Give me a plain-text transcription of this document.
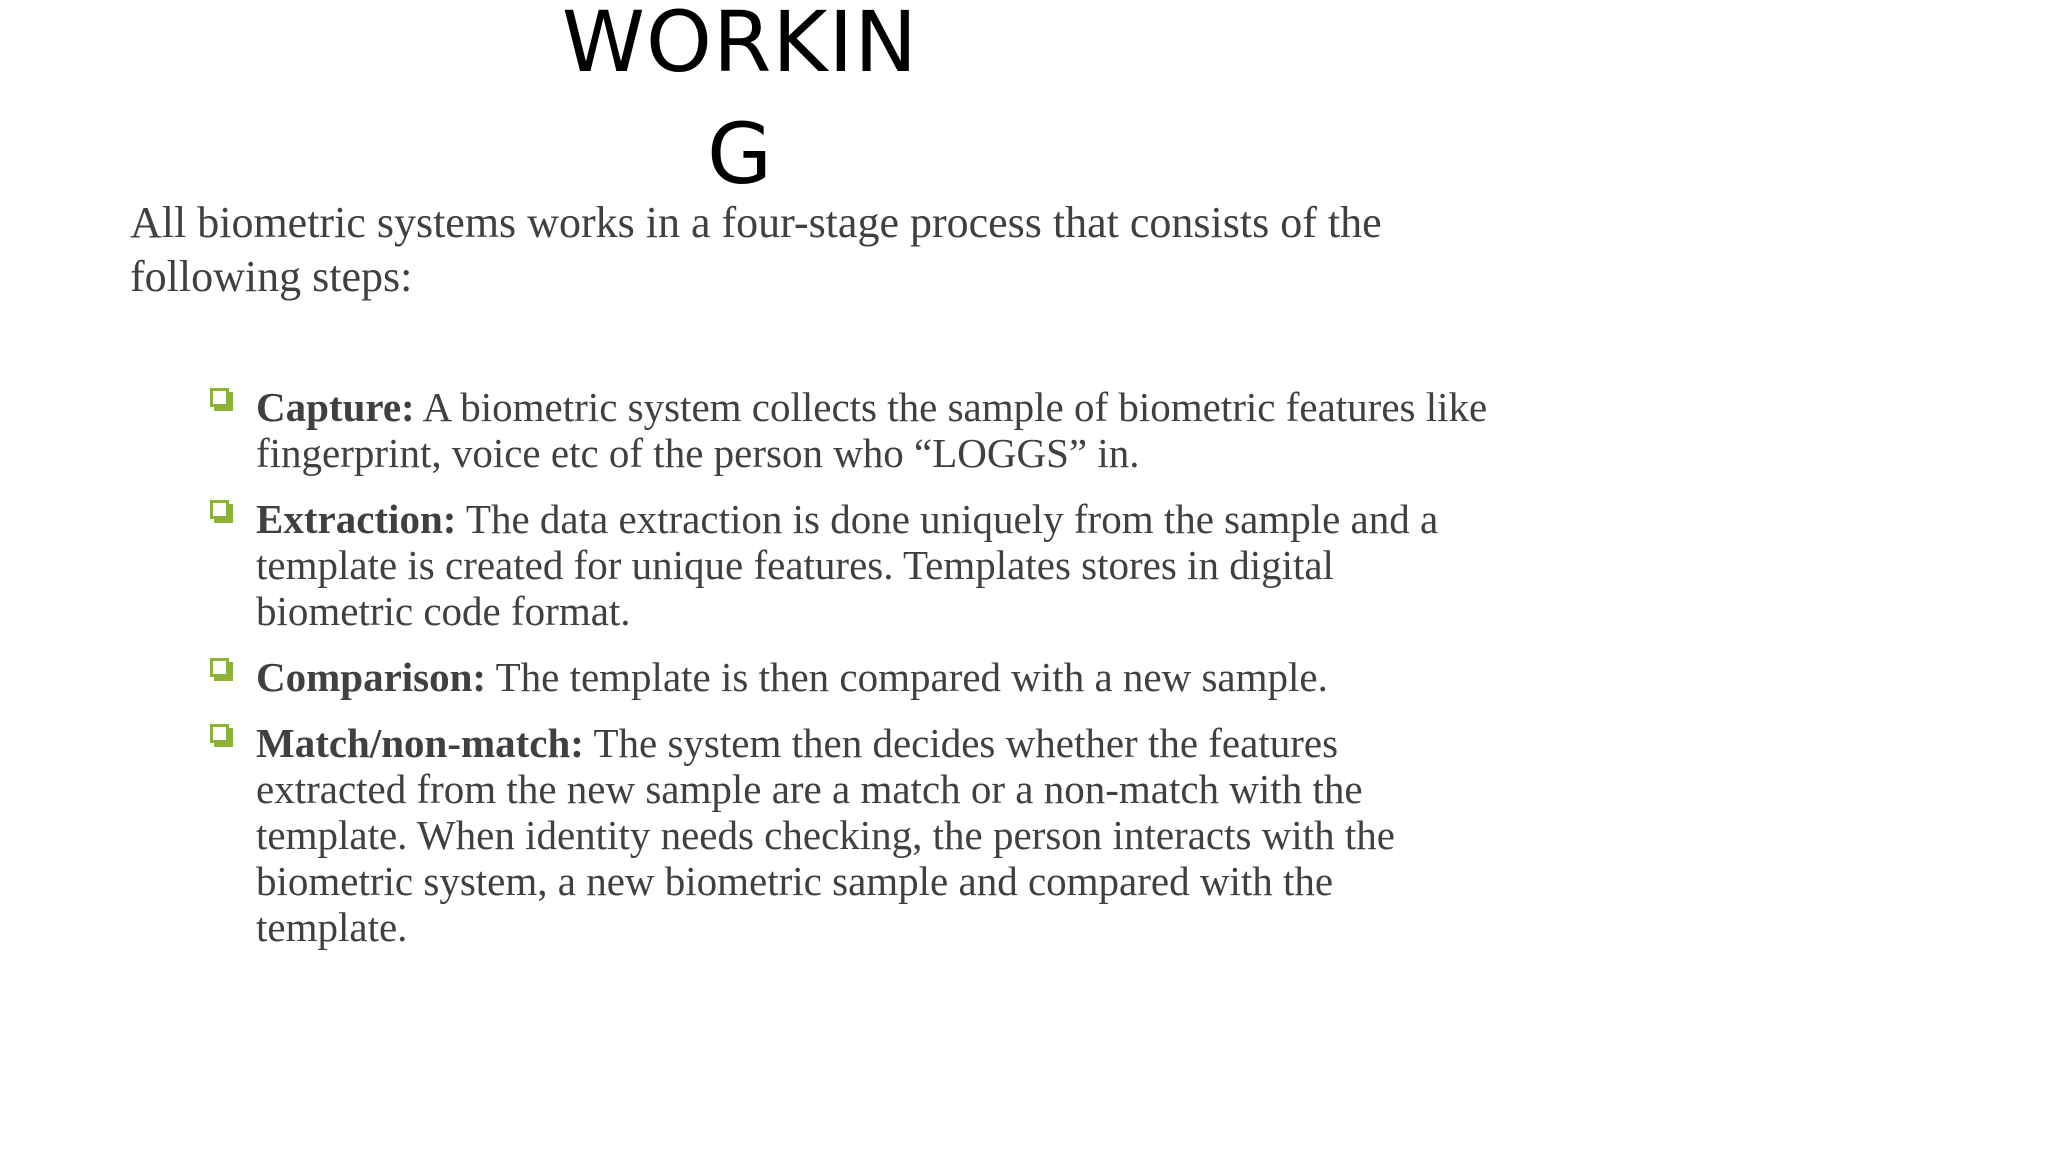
WORKING

All biometric systems works in a four-stage process that consists of the following steps:

Capture: A biometric system collects the sample of biometric features like fingerprint, voice etc of the person who “LOGGS” in.
Extraction: The data extraction is done uniquely from the sample and a template is created for unique features. Templates stores in digital biometric code format.
Comparison: The template is then compared with a new sample.
Match/non-match: The system then decides whether the features extracted from the new sample are a match or a non-match with the template. When identity needs checking, the person interacts with the biometric system, a new biometric sample and compared with the template.
